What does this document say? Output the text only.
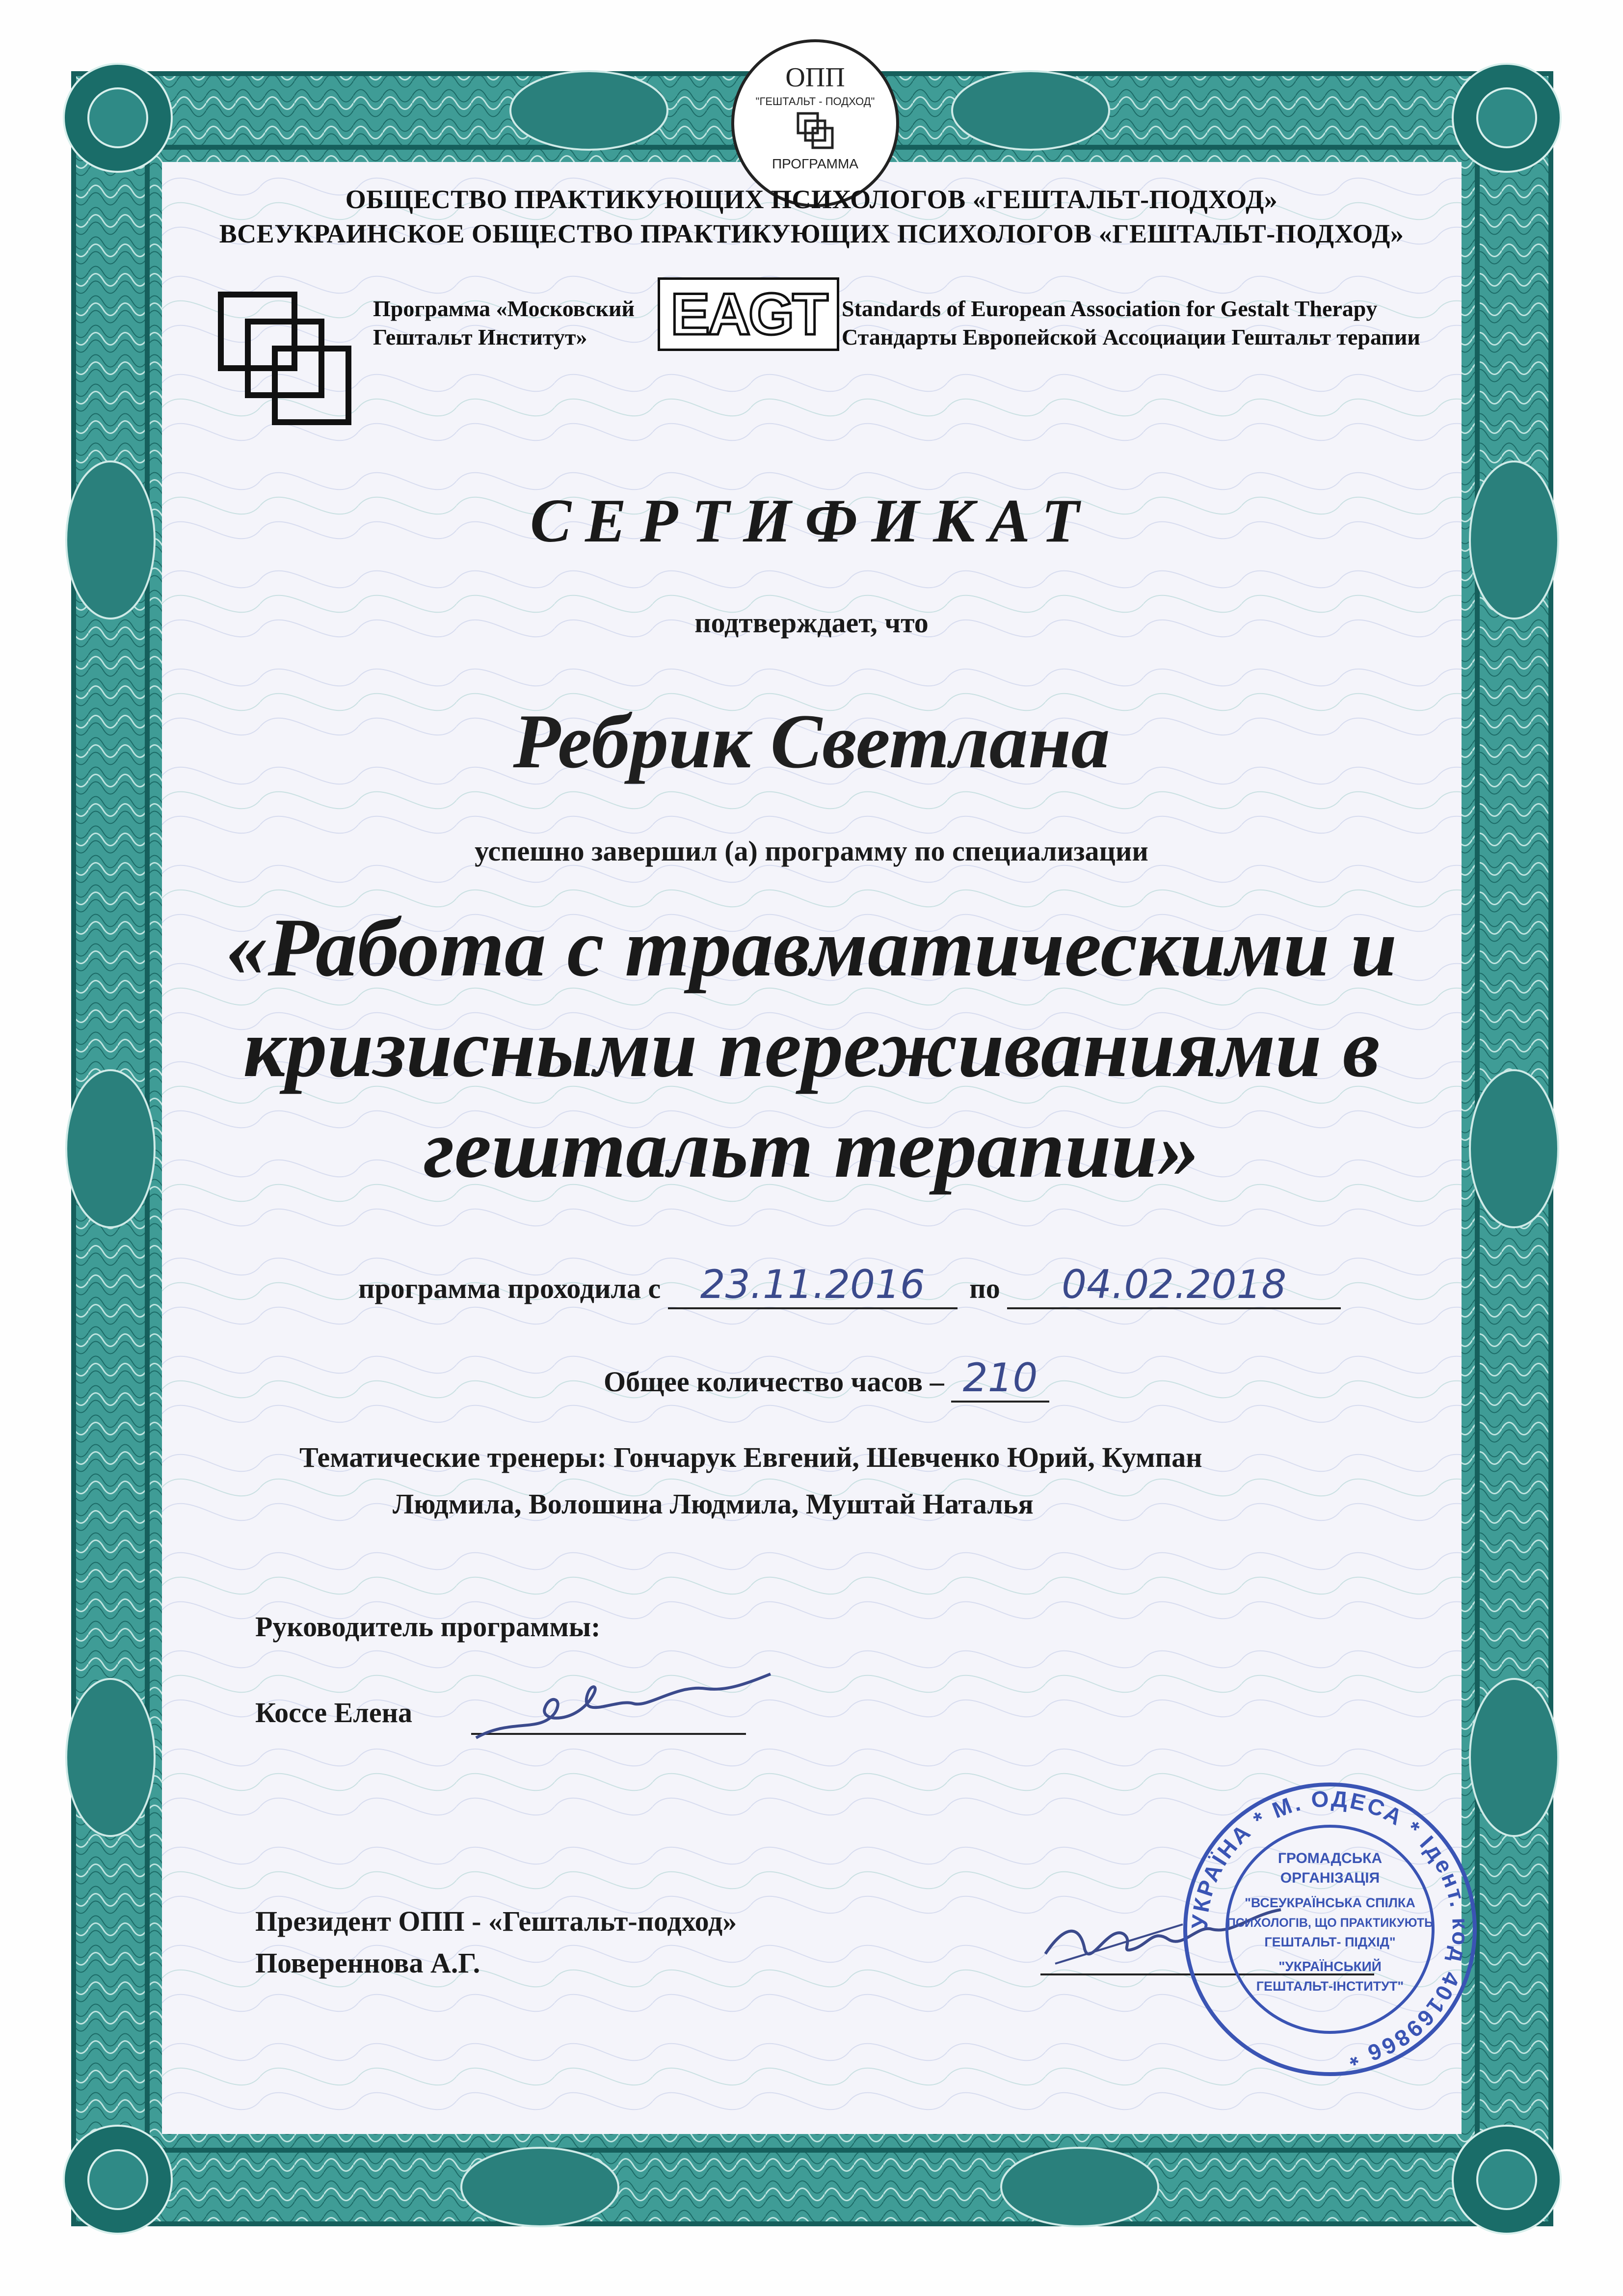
ОПП
"ГЕШТАЛЬТ - ПОДХОД"
ПРОГРАММА
ОБЩЕСТВО ПРАКТИКУЮЩИХ ПСИХОЛОГОВ «ГЕШТАЛЬТ-ПОДХОД»
ВСЕУКРАИНСКОЕ ОБЩЕСТВО ПРАКТИКУЮЩИХ ПСИХОЛОГОВ «ГЕШТАЛЬТ-ПОДХОД»
Программа «Московский
Гештальт Институт» EAGT Standards of European Association for Gestalt Therapy
Стандарты Европейской Ассоциации Гештальт терапии
СЕРТИФИКАТ
подтверждает, что
Ребрик Светлана
успешно завершил (а) программу по специализации
«Работа с травматическими и
кризисными переживаниями в
гештальт терапии»
программа проходила с 23.11.2016 по 04.02.2018
Общее количество часов – 210
Тематические тренеры: Гончарук Евгений, Шевченко Юрий, Кумпан
Людмила, Волошина Людмила, Муштай Наталья
Руководитель программы:
Коссе Елена
Президент ОПП - «Гештальт-подход»
Повереннова А.Г.
УКРАЇНА * М. ОДЕСА * Ідент. код 40169866 *
ГРОМАДСЬКА
ОРГАНІЗАЦІЯ
"ВСЕУКРАЇНСЬКА СПІЛКА
ПСИХОЛОГІВ, ЩО ПРАКТИКУЮТЬ
ГЕШТАЛЬТ- ПІДХІД"
"УКРАЇНСЬКИЙ
ГЕШТАЛЬТ-ІНСТИТУТ"
